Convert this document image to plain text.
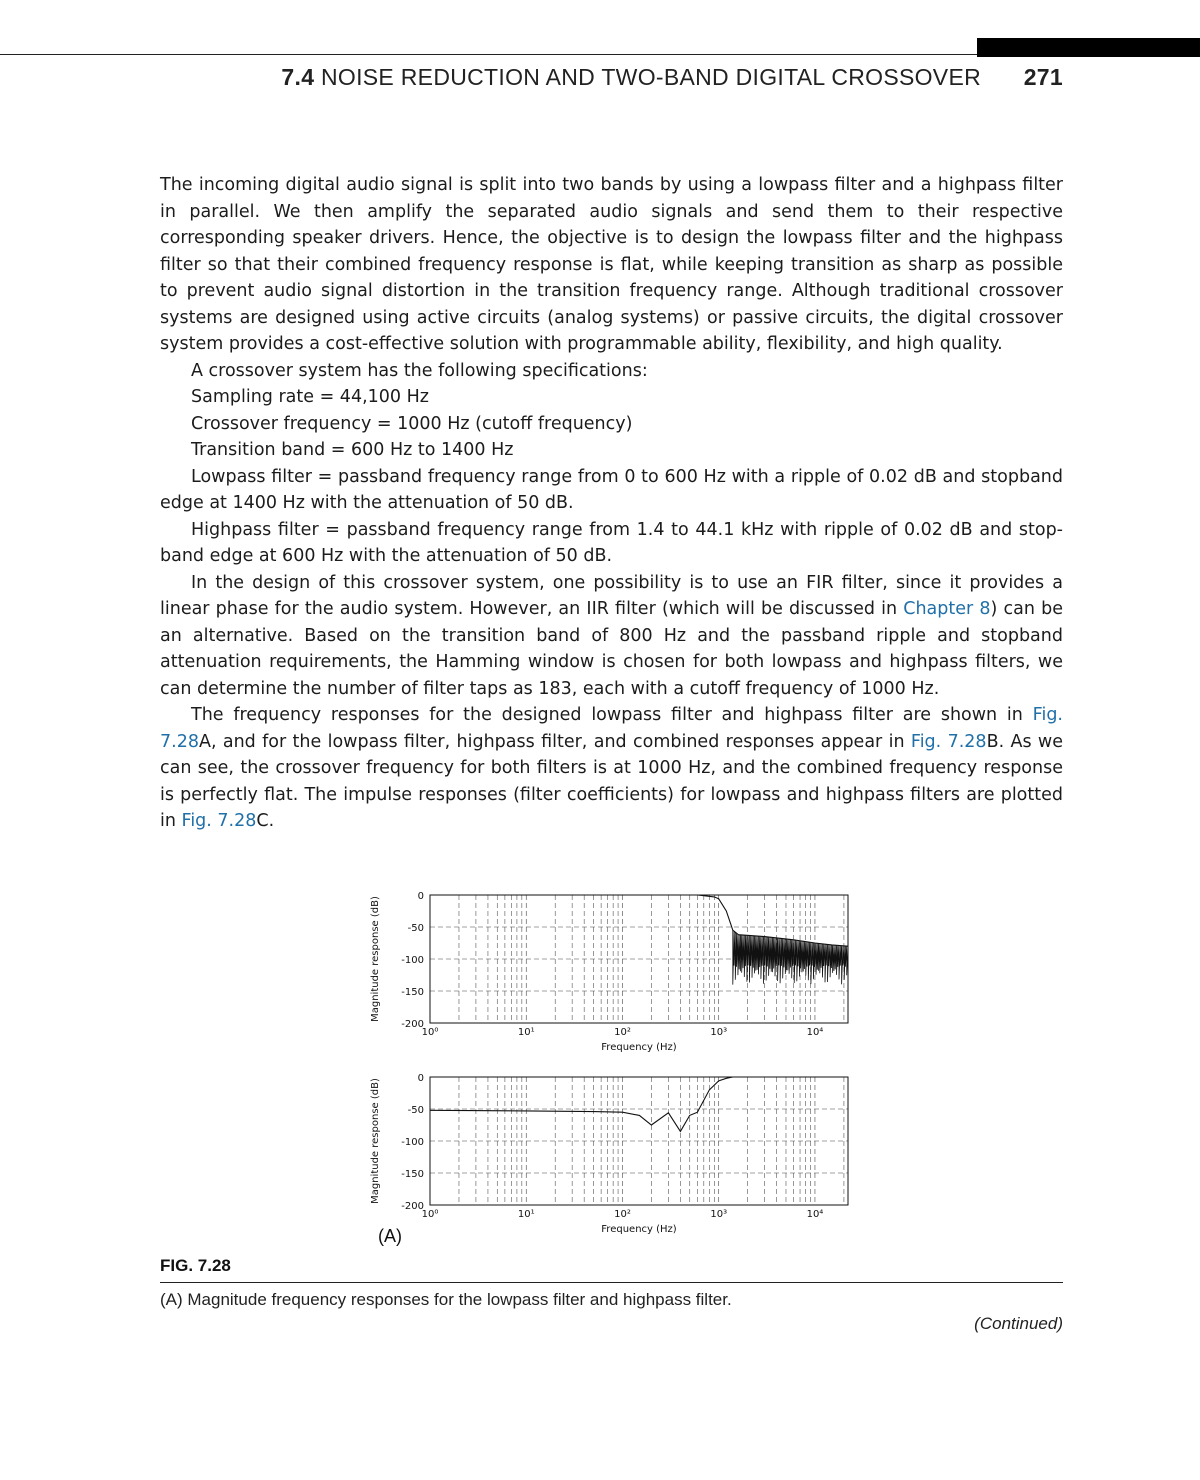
7.4 NOISE REDUCTION AND TWO-BAND DIGITAL CROSSOVER 271

The incoming digital audio signal is split into two bands by using a lowpass filter and a highpass filter in parallel. We then amplify the separated audio signals and send them to their respective corresponding speaker drivers. Hence, the objective is to design the lowpass filter and the highpass filter so that their combined frequency response is flat, while keeping transition as sharp as possible to prevent audio signal distortion in the transition frequency range. Although traditional crossover systems are designed using active circuits (analog systems) or passive circuits, the digital crossover system provides a cost-effective solution with programmable ability, flexibility, and high quality.

A crossover system has the following specifications:

Sampling rate = 44,100 Hz

Crossover frequency = 1000 Hz (cutoff frequency)

Transition band = 600 Hz to 1400 Hz

Lowpass filter = passband frequency range from 0 to 600 Hz with a ripple of 0.02 dB and stopband edge at 1400 Hz with the attenuation of 50 dB.

Highpass filter = passband frequency range from 1.4 to 44.1 kHz with ripple of 0.02 dB and stop-band edge at 600 Hz with the attenuation of 50 dB.

In the design of this crossover system, one possibility is to use an FIR filter, since it provides a linear phase for the audio system. However, an IIR filter (which will be discussed in Chapter 8) can be an alternative. Based on the transition band of 800 Hz and the passband ripple and stopband attenuation requirements, the Hamming window is chosen for both lowpass and highpass filters, we can determine the number of filter taps as 183, each with a cutoff frequency of 1000 Hz.

The frequency responses for the designed lowpass filter and highpass filter are shown in Fig. 7.28A, and for the lowpass filter, highpass filter, and combined responses appear in Fig. 7.28B. As we can see, the crossover frequency for both filters is at 1000 Hz, and the combined frequency response is perfectly flat. The impulse responses (filter coefficients) for lowpass and highpass filters are plotted in Fig. 7.28C.

(A)
0
-50
-100
-150
-200
10⁰	10¹	10²	10³	10⁴
Frequency (Hz)
Magnitude response (dB)
0
-50
-100
-150
-200
10⁰	10¹	10²	10³	10⁴
Frequency (Hz)
Magnitude response (dB)
FIG. 7.28
(A) Magnitude frequency responses for the lowpass filter and highpass filter.
(Continued)
